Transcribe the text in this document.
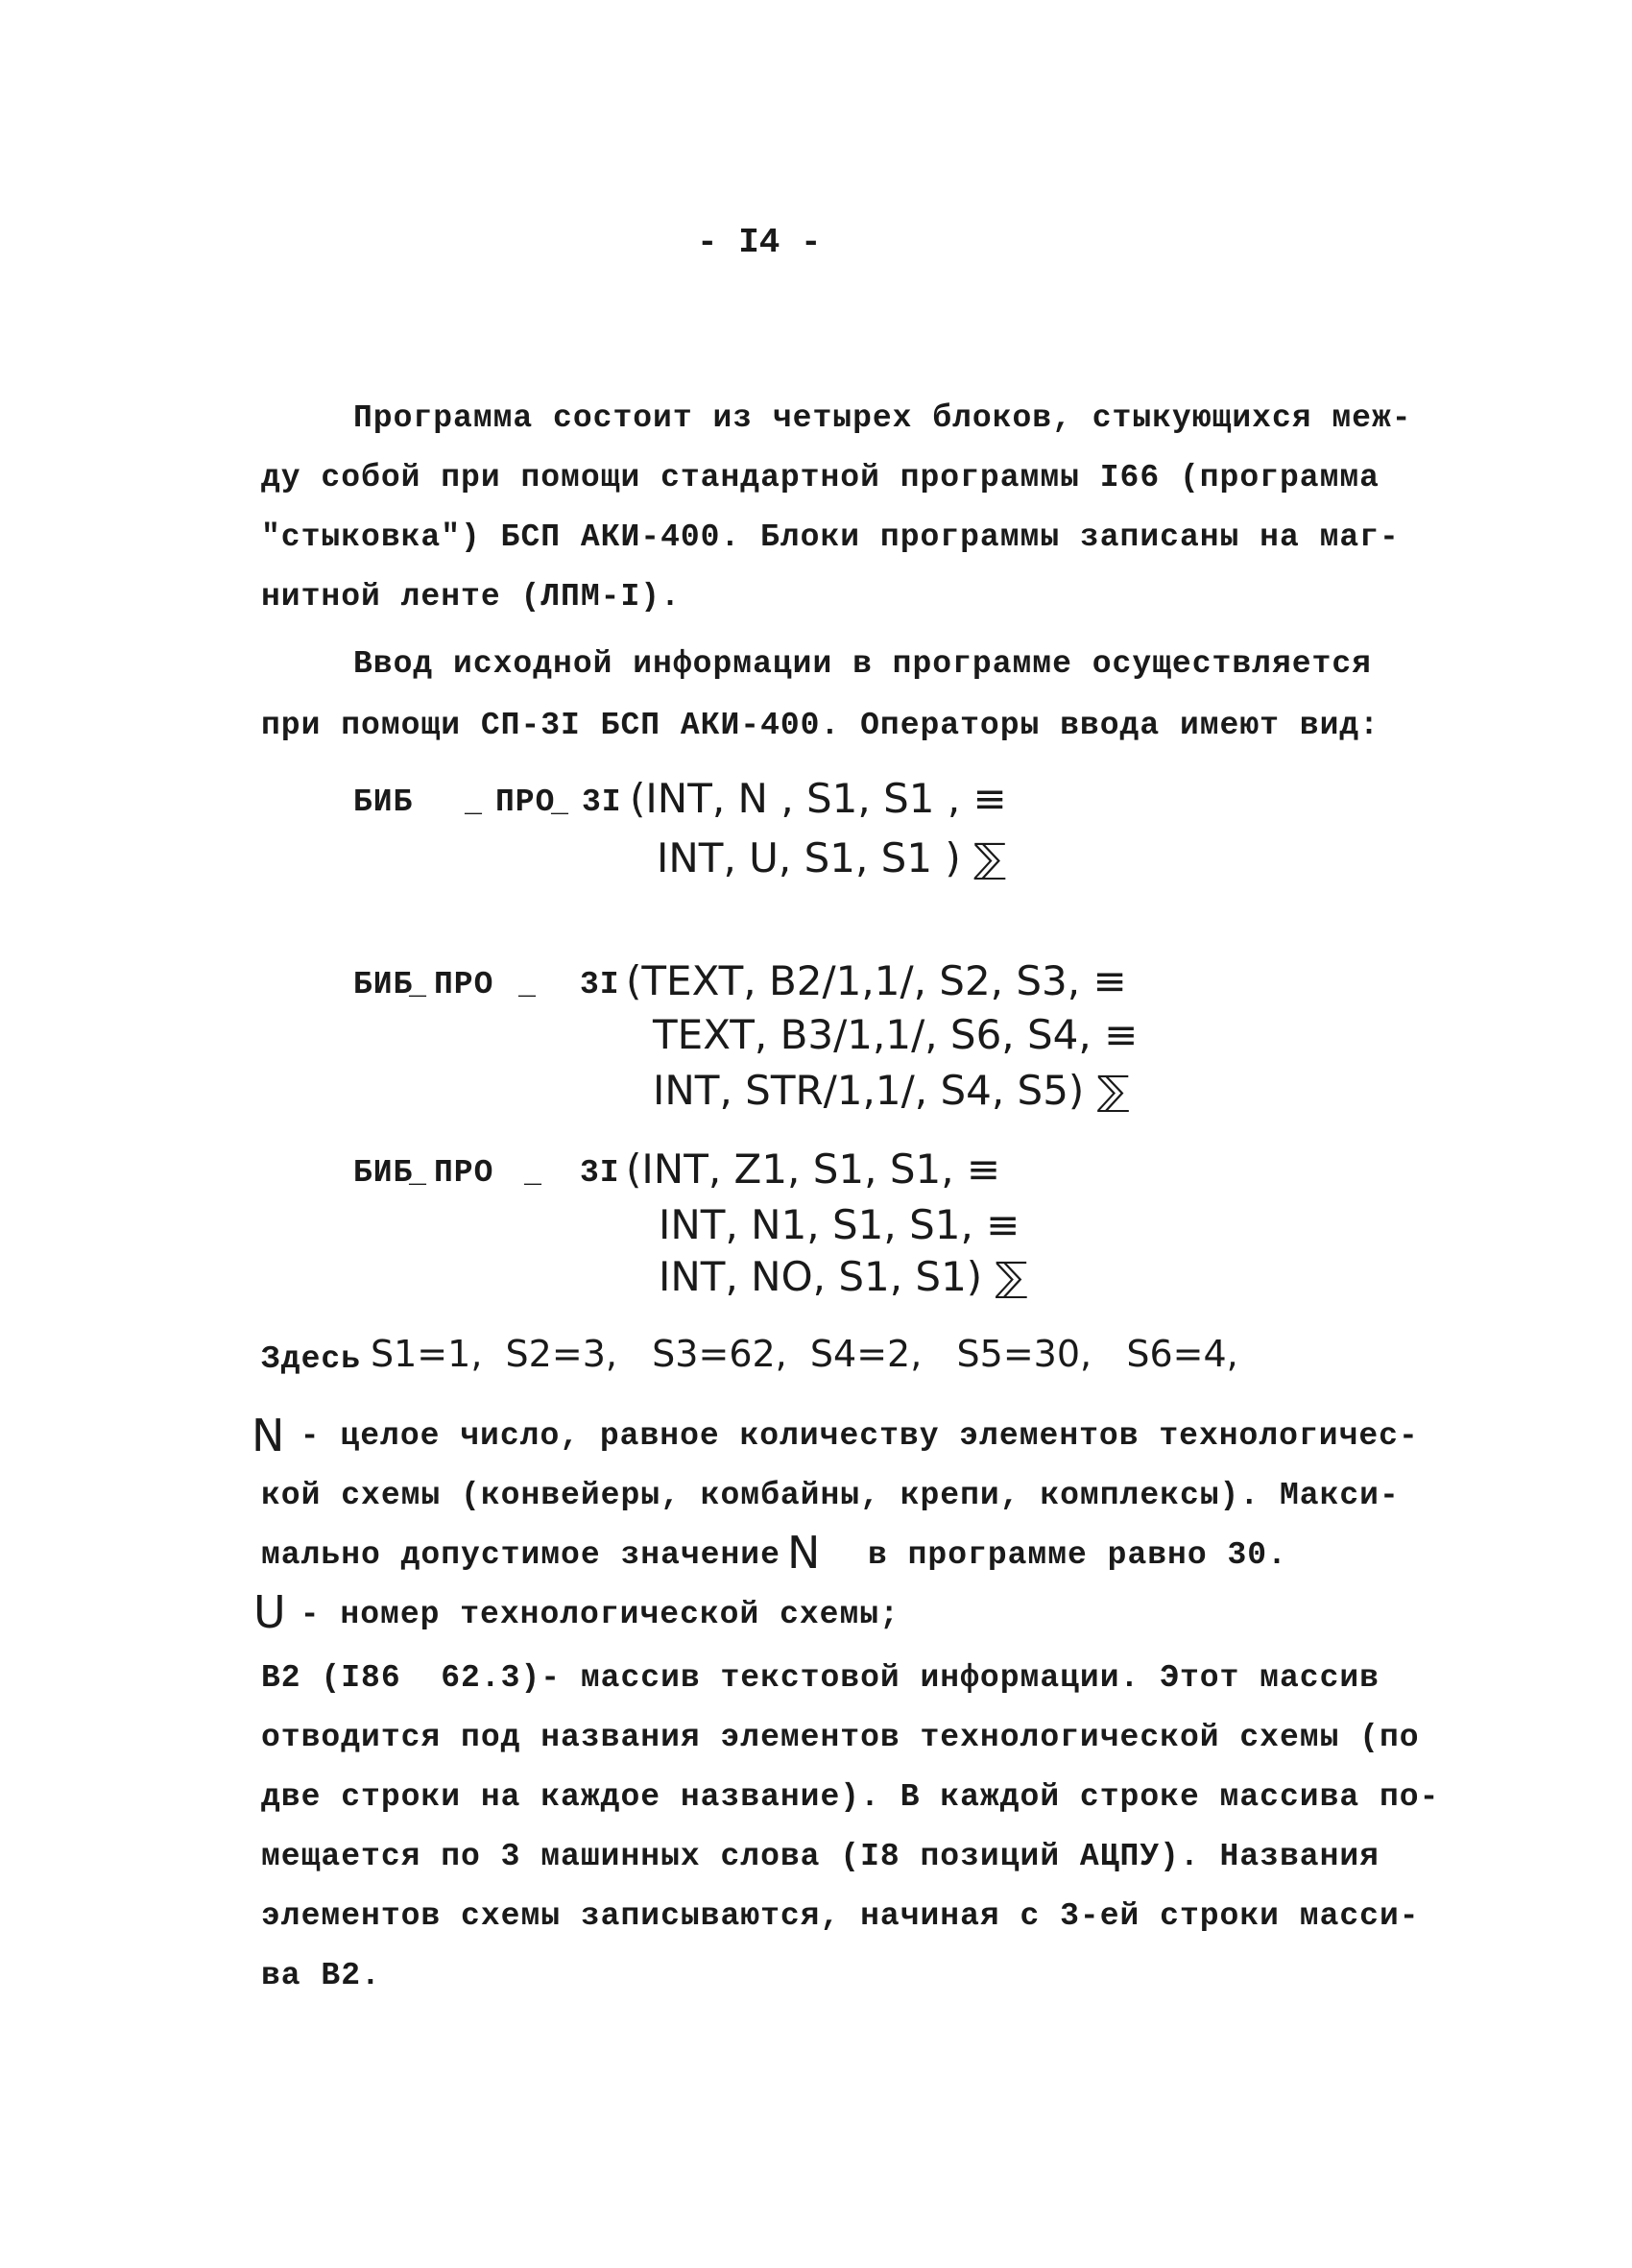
- I4 -
Программа состоит из четырех блоков, стыкующихся меж-
ду собой при помощи стандартной программы I66 (программа
"стыковка") БСП АКИ-400. Блоки программы записаны на маг-
нитной ленте (ЛПМ-I).
Ввод исходной информации в программе осуществляется
при помощи СП-3I БСП АКИ-400. Операторы ввода имеют вид:
БИБ _ ПРО
_ 3I (INT, N , S1, S1 , ≡
INT, U, S1, S1 ) ⅀
БИБ
_ ПРО _ 3I (TEXT, B2/1,1/, S2, S3, ≡
TEXT, B3/1,1/, S6, S4, ≡
INT, STR/1,1/, S4, S5) ⅀
БИБ
_ ПРО _ 3I (INT, Z1, S1, S1, ≡
INT, N1, S1, S1, ≡
INT, NO, S1, S1) ⅀
Здесь S1=1,  S2=3,   S3=62,  S4=2,   S5=30,   S6=4,
N
- целое число, равное количеству элементов технологичес-
кой схемы (конвейеры, комбайны, крепи, комплексы). Макси-
мально допустимое значение N в программе равно 30.
U
- номер технологической схемы;
B2 (I86  62.3)- массив текстовой информации. Этот массив
отводится под названия элементов технологической схемы (по
две строки на каждое название). В каждой строке массива по-
мещается по 3 машинных слова (I8 позиций АЦПУ). Названия
элементов схемы записываются, начиная с 3-ей строки масси-
ва B2.
